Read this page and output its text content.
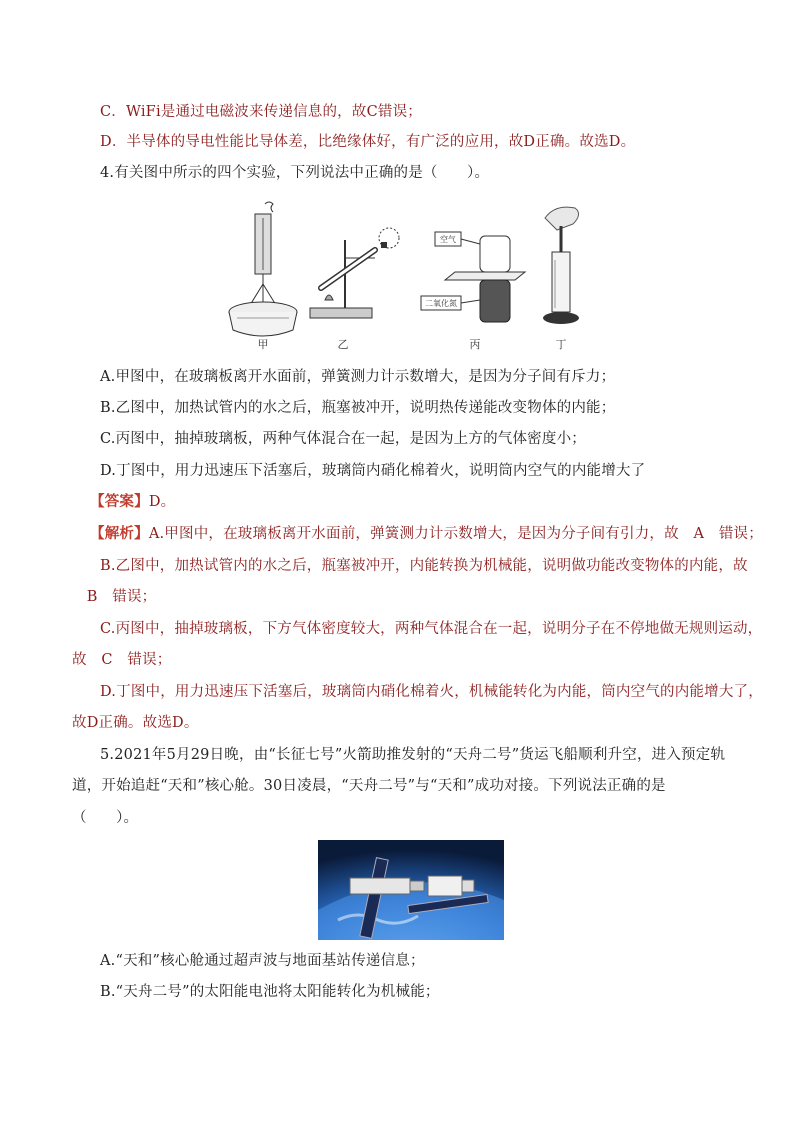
C．WiFi是通过电磁波来传递信息的，故C错误；
D．半导体的导电性能比导体差，比绝缘体好，有广泛的应用，故D正确。故选D。
4.有关图中所示的四个实验，下列说法中正确的是（　　）。
空气
二氧化氮
甲	乙	丙	丁
A.甲图中，在玻璃板离开水面前，弹簧测力计示数增大，是因为分子间有斥力；
B.乙图中，加热试管内的水之后，瓶塞被冲开，说明热传递能改变物体的内能；
C.丙图中，抽掉玻璃板，两种气体混合在一起，是因为上方的气体密度小；
D.丁图中，用力迅速压下活塞后，玻璃筒内硝化棉着火，说明筒内空气的内能增大了
【答案】D。
【解析】A.甲图中，在玻璃板离开水面前，弹簧测力计示数增大，是因为分子间有引力，故　A　错误；
B.乙图中，加热试管内的水之后，瓶塞被冲开，内能转换为机械能，说明做功能改变物体的内能，故
　B　错误；
C.丙图中，抽掉玻璃板，下方气体密度较大，两种气体混合在一起，说明分子在不停地做无规则运动，
故　C　错误；
D.丁图中，用力迅速压下活塞后，玻璃筒内硝化棉着火，机械能转化为内能，筒内空气的内能增大了，
故D正确。故选D。
5.2021年5月29日晚，由“长征七号”火箭助推发射的“天舟二号”货运飞船顺利升空，进入预定轨
道，开始追赶“天和”核心舱。30日凌晨，“天舟二号”与“天和”成功对接。下列说法正确的是
（　　）。
A.“天和”核心舱通过超声波与地面基站传递信息；
B.“天舟二号”的太阳能电池将太阳能转化为机械能；
